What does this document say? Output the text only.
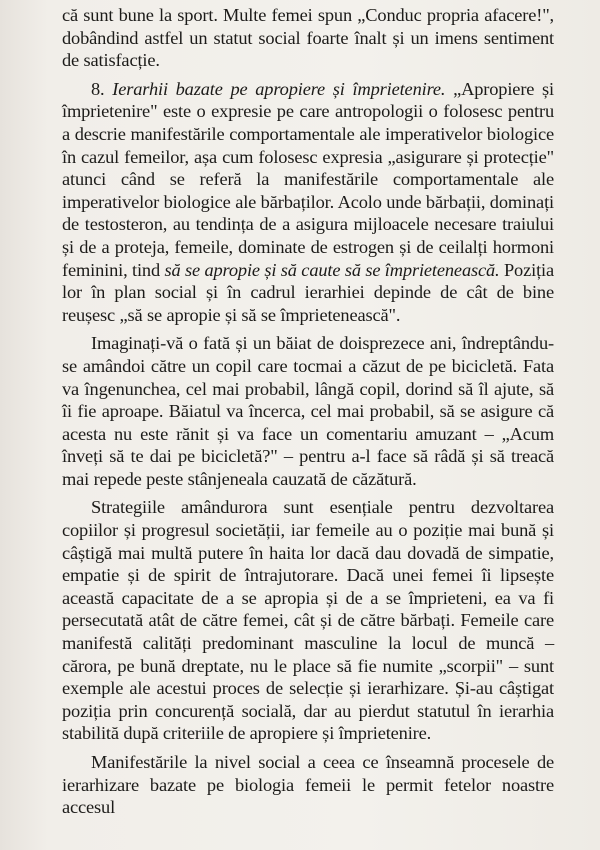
că sunt bune la sport. Multe femei spun „Conduc propria afacere!", dobândind astfel un statut social foarte înalt și un imens sentiment de satisfacție.

8. Ierarhii bazate pe apropiere și împrietenire. „Apropiere și împrietenire" este o expresie pe care antropologii o folosesc pentru a descrie manifestările comportamentale ale imperativelor biologice în cazul femeilor, așa cum folosesc expresia „asigurare și protecție" atunci când se referă la manifestările comportamentale ale imperativelor biologice ale bărbaților. Acolo unde bărbații, dominați de testosteron, au tendința de a asigura mijloacele necesare traiului și de a proteja, femeile, dominate de estrogen și de ceilalți hormoni feminini, tind să se apropie și să caute să se împrietenească. Poziția lor în plan social și în cadrul ierarhiei depinde de cât de bine reușesc „să se apropie și să se împrietenească".

Imaginați-vă o fată și un băiat de doisprezece ani, îndreptându-se amândoi către un copil care tocmai a căzut de pe bicicletă. Fata va îngenunchea, cel mai probabil, lângă copil, dorind să îl ajute, să îi fie aproape. Băiatul va încerca, cel mai probabil, să se asigure că acesta nu este rănit și va face un comentariu amuzant – „Acum înveți să te dai pe bicicletă?" – pentru a-l face să râdă și să treacă mai repede peste stânjeneala cauzată de căzătură.

Strategiile amândurora sunt esențiale pentru dezvoltarea copiilor și progresul societății, iar femeile au o poziție mai bună și câștigă mai multă putere în haita lor dacă dau dovadă de simpatie, empatie și de spirit de întrajutorare. Dacă unei femei îi lipsește această capacitate de a se apropia și de a se împrieteni, ea va fi persecutată atât de către femei, cât și de către bărbați. Femeile care manifestă calități predominant masculine la locul de muncă – cărora, pe bună dreptate, nu le place să fie numite „scorpii" – sunt exemple ale acestui proces de selecție și ierarhizare. Și-au câștigat poziția prin concurență socială, dar au pierdut statutul în ierarhia stabilită după criteriile de apropiere și împrietenire.

Manifestările la nivel social a ceea ce înseamnă procesele de ierarhizare bazate pe biologia femeii le permit fetelor noastre accesul
